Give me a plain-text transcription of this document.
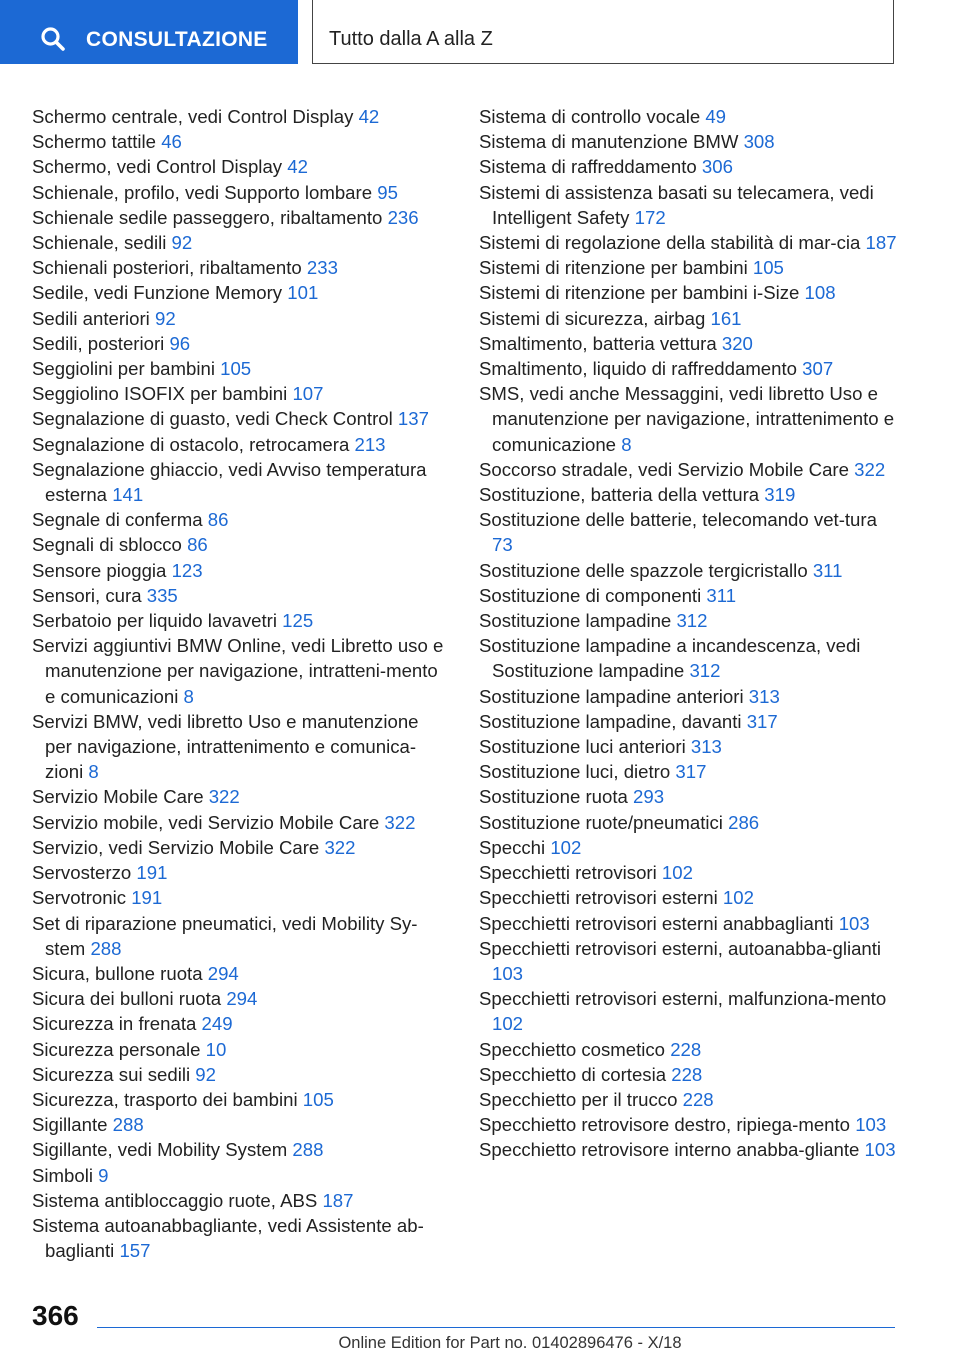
CONSULTAZIONE	Tutto dalla A alla Z
Schermo centrale, vedi Control Display 42
Schermo tattile 46
Schermo, vedi Control Display 42
Schienale, profilo, vedi Supporto lombare 95
Schienale sedile passeggero, ribaltamento 236
Schienale, sedili 92
Schienali posteriori, ribaltamento 233
Sedile, vedi Funzione Memory 101
Sedili anteriori 92
Sedili, posteriori 96
Seggiolini per bambini 105
Seggiolino ISOFIX per bambini 107
Segnalazione di guasto, vedi Check Control 137
Segnalazione di ostacolo, retrocamera 213
Segnalazione ghiaccio, vedi Avviso temperatura esterna 141
Segnale di conferma 86
Segnali di sblocco 86
Sensore pioggia 123
Sensori, cura 335
Serbatoio per liquido lavavetri 125
Servizi aggiuntivi BMW Online, vedi Libretto uso e manutenzione per navigazione, intratteni-mento e comunicazioni 8
Servizi BMW, vedi libretto Uso e manutenzione per navigazione, intrattenimento e comunica-zioni 8
Servizio Mobile Care 322
Servizio mobile, vedi Servizio Mobile Care 322
Servizio, vedi Servizio Mobile Care 322
Servosterzo 191
Servotronic 191
Set di riparazione pneumatici, vedi Mobility Sy-stem 288
Sicura, bullone ruota 294
Sicura dei bulloni ruota 294
Sicurezza in frenata 249
Sicurezza personale 10
Sicurezza sui sedili 92
Sicurezza, trasporto dei bambini 105
Sigillante 288
Sigillante, vedi Mobility System 288
Simboli 9
Sistema antibloccaggio ruote, ABS 187
Sistema autoanabbagliante, vedi Assistente ab-baglianti 157
Sistema di controllo vocale 49
Sistema di manutenzione BMW 308
Sistema di raffreddamento 306
Sistemi di assistenza basati su telecamera, vedi Intelligent Safety 172
Sistemi di regolazione della stabilità di mar-cia 187
Sistemi di ritenzione per bambini 105
Sistemi di ritenzione per bambini i-Size 108
Sistemi di sicurezza, airbag 161
Smaltimento, batteria vettura 320
Smaltimento, liquido di raffreddamento 307
SMS, vedi anche Messaggini, vedi libretto Uso e manutenzione per navigazione, intrattenimento e comunicazione 8
Soccorso stradale, vedi Servizio Mobile Care 322
Sostituzione, batteria della vettura 319
Sostituzione delle batterie, telecomando vet-tura 73
Sostituzione delle spazzole tergicristallo 311
Sostituzione di componenti 311
Sostituzione lampadine 312
Sostituzione lampadine a incandescenza, vedi Sostituzione lampadine 312
Sostituzione lampadine anteriori 313
Sostituzione lampadine, davanti 317
Sostituzione luci anteriori 313
Sostituzione luci, dietro 317
Sostituzione ruota 293
Sostituzione ruote/pneumatici 286
Specchi 102
Specchietti retrovisori 102
Specchietti retrovisori esterni 102
Specchietti retrovisori esterni anabbaglianti 103
Specchietti retrovisori esterni, autoanabba-glianti 103
Specchietti retrovisori esterni, malfunziona-mento 102
Specchietto cosmetico 228
Specchietto di cortesia 228
Specchietto per il trucco 228
Specchietto retrovisore destro, ripiega-mento 103
Specchietto retrovisore interno anabba-gliante 103
366
Online Edition for Part no. 01402896476 - X/18
